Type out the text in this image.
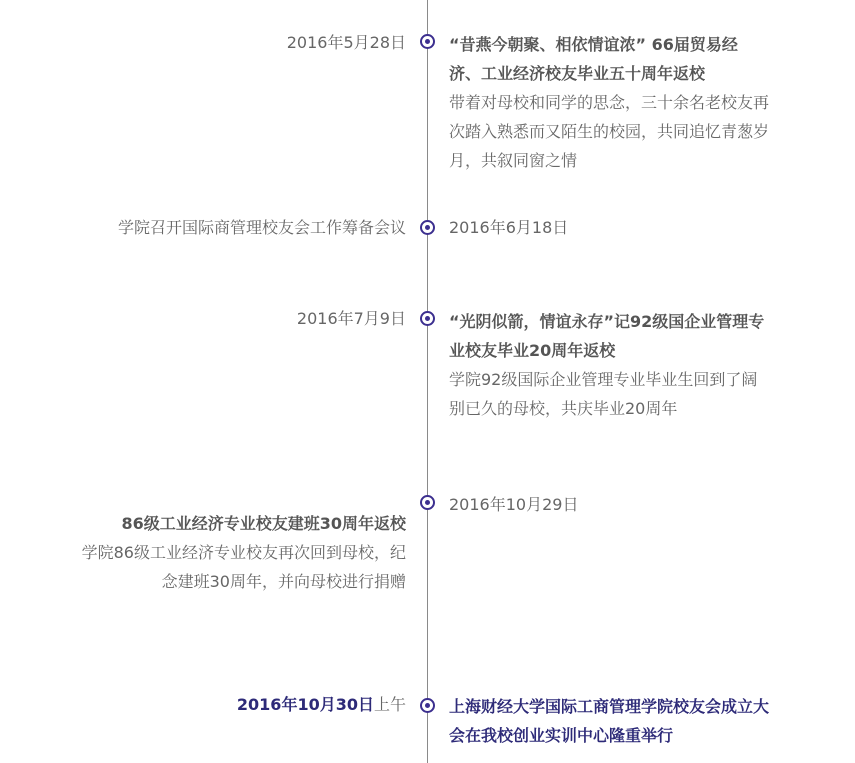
2016年5月28日	“昔燕今朝聚、相依情谊浓” 66届贸易经济、工业经济校友毕业五十周年返校
带着对母校和同学的思念，三十余名老校友再次踏入熟悉而又陌生的校园，共同追忆青葱岁月，共叙同窗之情
学院召开国际商管理校友会工作筹备会议	2016年6月18日
2016年7月9日	“光阴似箭，情谊永存”记92级国企业管理专业校友毕业20周年返校
学院92级国际企业管理专业毕业生回到了阔别已久的母校，共庆毕业20周年
2016年10月29日
86级工业经济专业校友建班30周年返校
学院86级工业经济专业校友再次回到母校，纪念建班30周年，并向母校进行捐赠
2016年10月30日上午	上海财经大学国际工商管理学院校友会成立大会在我校创业实训中心隆重举行
